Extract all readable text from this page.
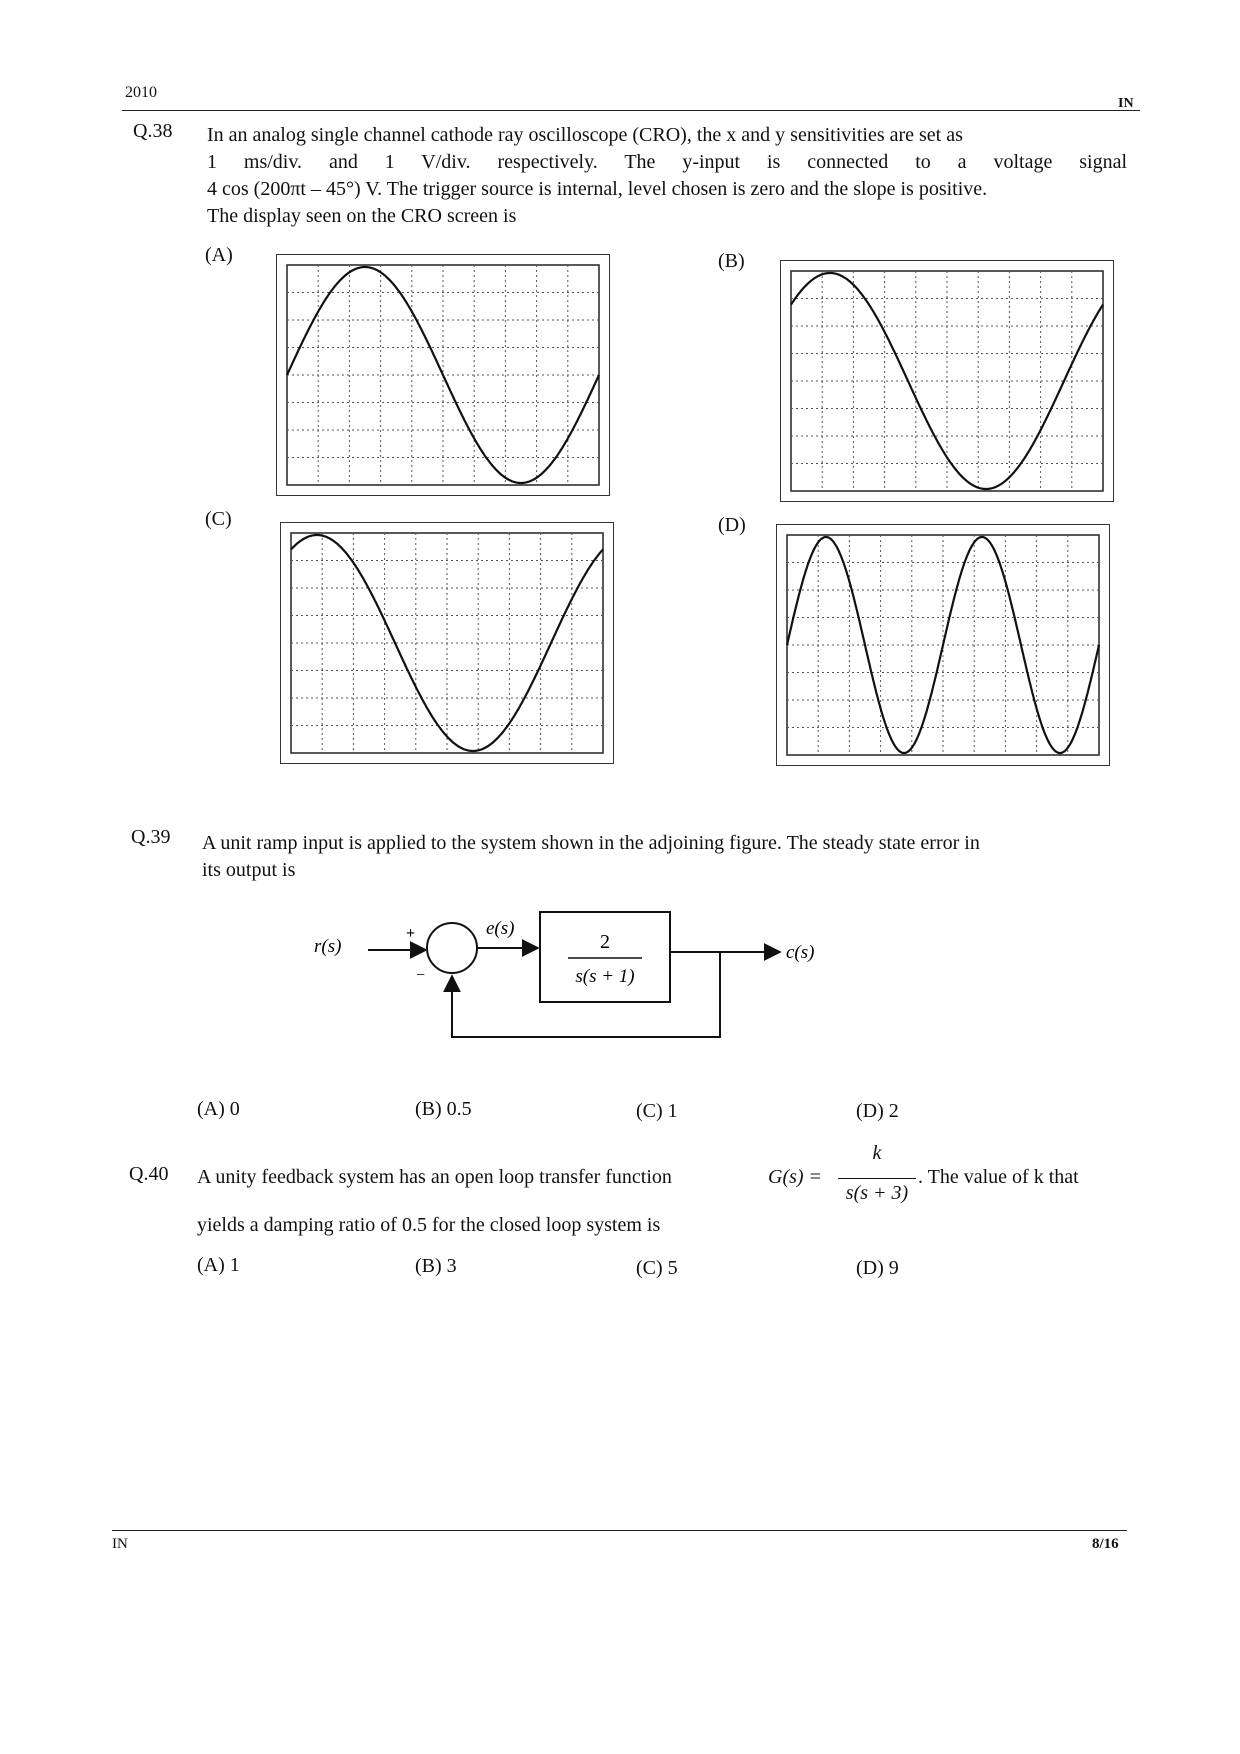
2010
IN
Q.38 In an analog single channel cathode ray oscilloscope (CRO), the x and y sensitivities are set as
1 ms/div. and 1 V/div. respectively. The y-input is connected to a voltage signal
4 cos (200πt – 45°) V. The trigger source is internal, level chosen is zero and the slope is positive.
The display seen on the CRO screen is
(A)	(B)
(C)	(D)
Q.39 A unit ramp input is applied to the system shown in the adjoining figure. The steady state error in
its output is
r(s)
+
−
e(s)
2
s(s + 1)
c(s)
(A) 0	(B) 0.5	(C) 1	(D) 2
Q.40 A unity feedback system has an open loop transfer function	G(s) =
k
s(s + 3)
. The value of k that
yields a damping ratio of 0.5 for the closed loop system is
(A) 1	(B) 3	(C) 5	(D) 9
IN	8/16
